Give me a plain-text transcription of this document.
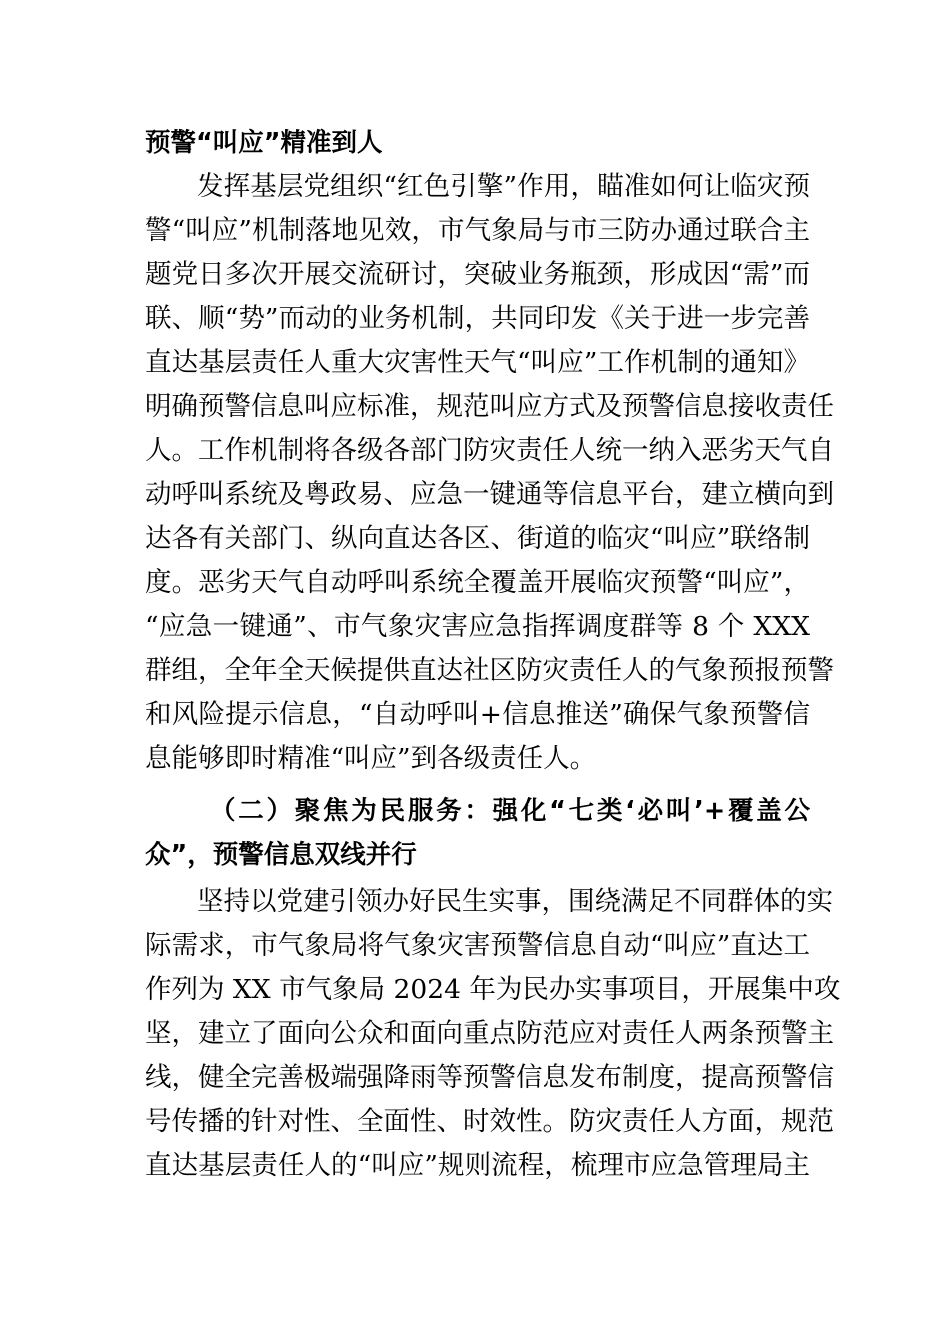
预警“叫应”精准到人
发挥基层党组织“红色引擎”作用，瞄准如何让临灾预
警“叫应”机制落地见效，市气象局与市三防办通过联合主
题党日多次开展交流研讨，突破业务瓶颈，形成因“需”而
联、顺“势”而动的业务机制，共同印发《关于进一步完善
直达基层责任人重大灾害性天气“叫应”工作机制的通知》
明确预警信息叫应标准，规范叫应方式及预警信息接收责任
人。工作机制将各级各部门防灾责任人统一纳入恶劣天气自
动呼叫系统及粤政易、应急一键通等信息平台，建立横向到
达各有关部门、纵向直达各区、街道的临灾“叫应”联络制
度。恶劣天气自动呼叫系统全覆盖开展临灾预警“叫应”，
“应急一键通”、市气象灾害应急指挥调度群等 8 个 XXX
群组，全年全天候提供直达社区防灾责任人的气象预报预警
和风险提示信息，“自动呼叫+信息推送”确保气象预警信
息能够即时精准“叫应”到各级责任人。
（二）聚焦为民服务：强化“七类‘必叫’+覆盖公
众”，预警信息双线并行
坚持以党建引领办好民生实事，围绕满足不同群体的实
际需求，市气象局将气象灾害预警信息自动“叫应”直达工
作列为 XX 市气象局 2024 年为民办实事项目，开展集中攻
坚，建立了面向公众和面向重点防范应对责任人两条预警主
线，健全完善极端强降雨等预警信息发布制度，提高预警信
号传播的针对性、全面性、时效性。防灾责任人方面，规范
直达基层责任人的“叫应”规则流程，梳理市应急管理局主
